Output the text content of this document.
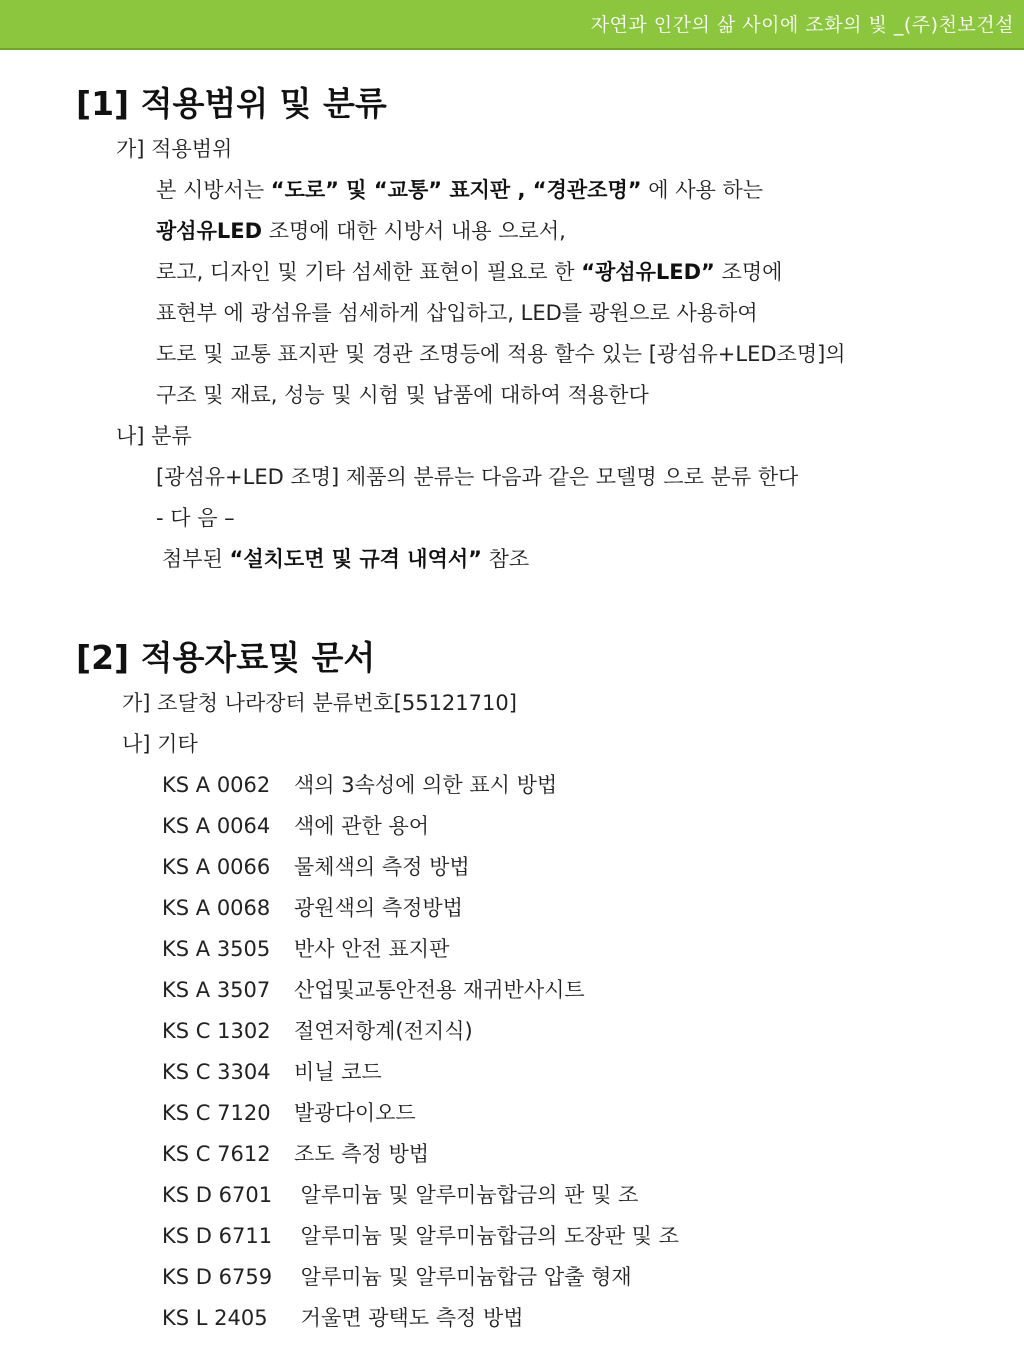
자연과 인간의 삶 사이에 조화의 빛 _(주)천보건설
[1] 적용범위 및 분류
가] 적용범위
본 시방서는 “도로” 및 “교통” 표지판 , “경관조명” 에 사용 하는
광섬유LED 조명에 대한 시방서 내용 으로서,
로고, 디자인 및 기타 섬세한 표현이 필요로 한 “광섬유LED” 조명에
표현부 에 광섬유를 섬세하게 삽입하고, LED를 광원으로 사용하여
도로 및 교통 표지판 및 경관 조명등에 적용 할수 있는 [광섬유+LED조명]의
구조 및 재료, 성능 및 시험 및 납품에 대하여 적용한다
나] 분류
[광섬유+LED 조명] 제품의 분류는 다음과 같은 모델명 으로 분류 한다
- 다 음 –
첨부된 “설치도면 및 규격 내역서” 참조
[2] 적용자료및 문서
가] 조달청 나라장터 분류번호[55121710]
나] 기타
KS A 0062 색의 3속성에 의한 표시 방법
KS A 0064 색에 관한 용어
KS A 0066 물체색의 측정 방법
KS A 0068 광원색의 측정방법
KS A 3505 반사 안전 표지판
KS A 3507 산업및교통안전용 재귀반사시트
KS C 1302 절연저항계(전지식)
KS C 3304 비닐 코드
KS C 7120 발광다이오드
KS C 7612 조도 측정 방법
KS D 6701 알루미늄 및 알루미늄합금의 판 및 조
KS D 6711 알루미늄 및 알루미늄합금의 도장판 및 조
KS D 6759 알루미늄 및 알루미늄합금 압출 형재
KS L 2405 거울면 광택도 측정 방법
